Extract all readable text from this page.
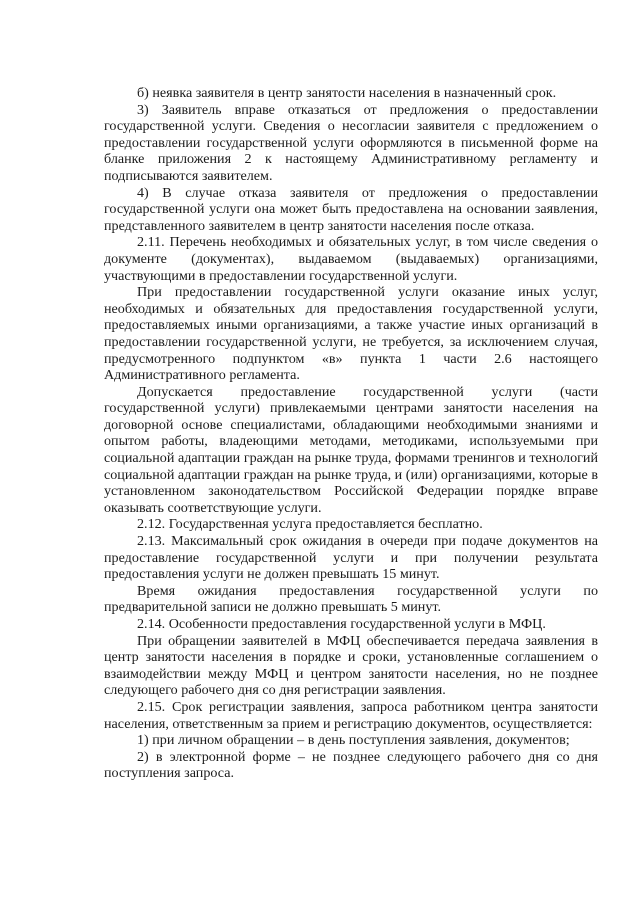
б) неявка заявителя в центр занятости населения в назначенный срок.

3) Заявитель вправе отказаться от предложения о предоставлении государственной услуги. Сведения о несогласии заявителя с предложением о предоставлении государственной услуги оформляются в письменной форме на бланке приложения 2 к настоящему Административному регламенту и подписываются заявителем.

4) В случае отказа заявителя от предложения о предоставлении государственной услуги она может быть предоставлена на основании заявления, представленного заявителем в центр занятости населения после отказа.

2.11. Перечень необходимых и обязательных услуг, в том числе сведения о документе (документах), выдаваемом (выдаваемых) организациями, участвующими в предоставлении государственной услуги.

При предоставлении государственной услуги оказание иных услуг, необходимых и обязательных для предоставления государственной услуги, предоставляемых иными организациями, а также участие иных организаций в предоставлении государственной услуги, не требуется, за исключением случая, предусмотренного подпунктом «в» пункта 1 части 2.6 настоящего Административного регламента.

Допускается предоставление государственной услуги (части государственной услуги) привлекаемыми центрами занятости населения на договорной основе специалистами, обладающими необходимыми знаниями и опытом работы, владеющими методами, методиками, используемыми при социальной адаптации граждан на рынке труда, формами тренингов и технологий социальной адаптации граждан на рынке труда, и (или) организациями, которые в установленном законодательством Российской Федерации порядке вправе оказывать соответствующие услуги.

2.12. Государственная услуга предоставляется бесплатно.

2.13. Максимальный срок ожидания в очереди при подаче документов на предоставление государственной услуги и при получении результата предоставления услуги не должен превышать 15 минут.

Время ожидания предоставления государственной услуги по предварительной записи не должно превышать 5 минут.

2.14. Особенности предоставления государственной услуги в МФЦ.

При обращении заявителей в МФЦ обеспечивается передача заявления в центр занятости населения в порядке и сроки, установленные соглашением о взаимодействии между МФЦ и центром занятости населения, но не позднее следующего рабочего дня со дня регистрации заявления.

2.15. Срок регистрации заявления, запроса работником центра занятости населения, ответственным за прием и регистрацию документов, осуществляется:

1) при личном обращении – в день поступления заявления, документов;

2) в электронной форме – не позднее следующего рабочего дня со дня поступления запроса.
